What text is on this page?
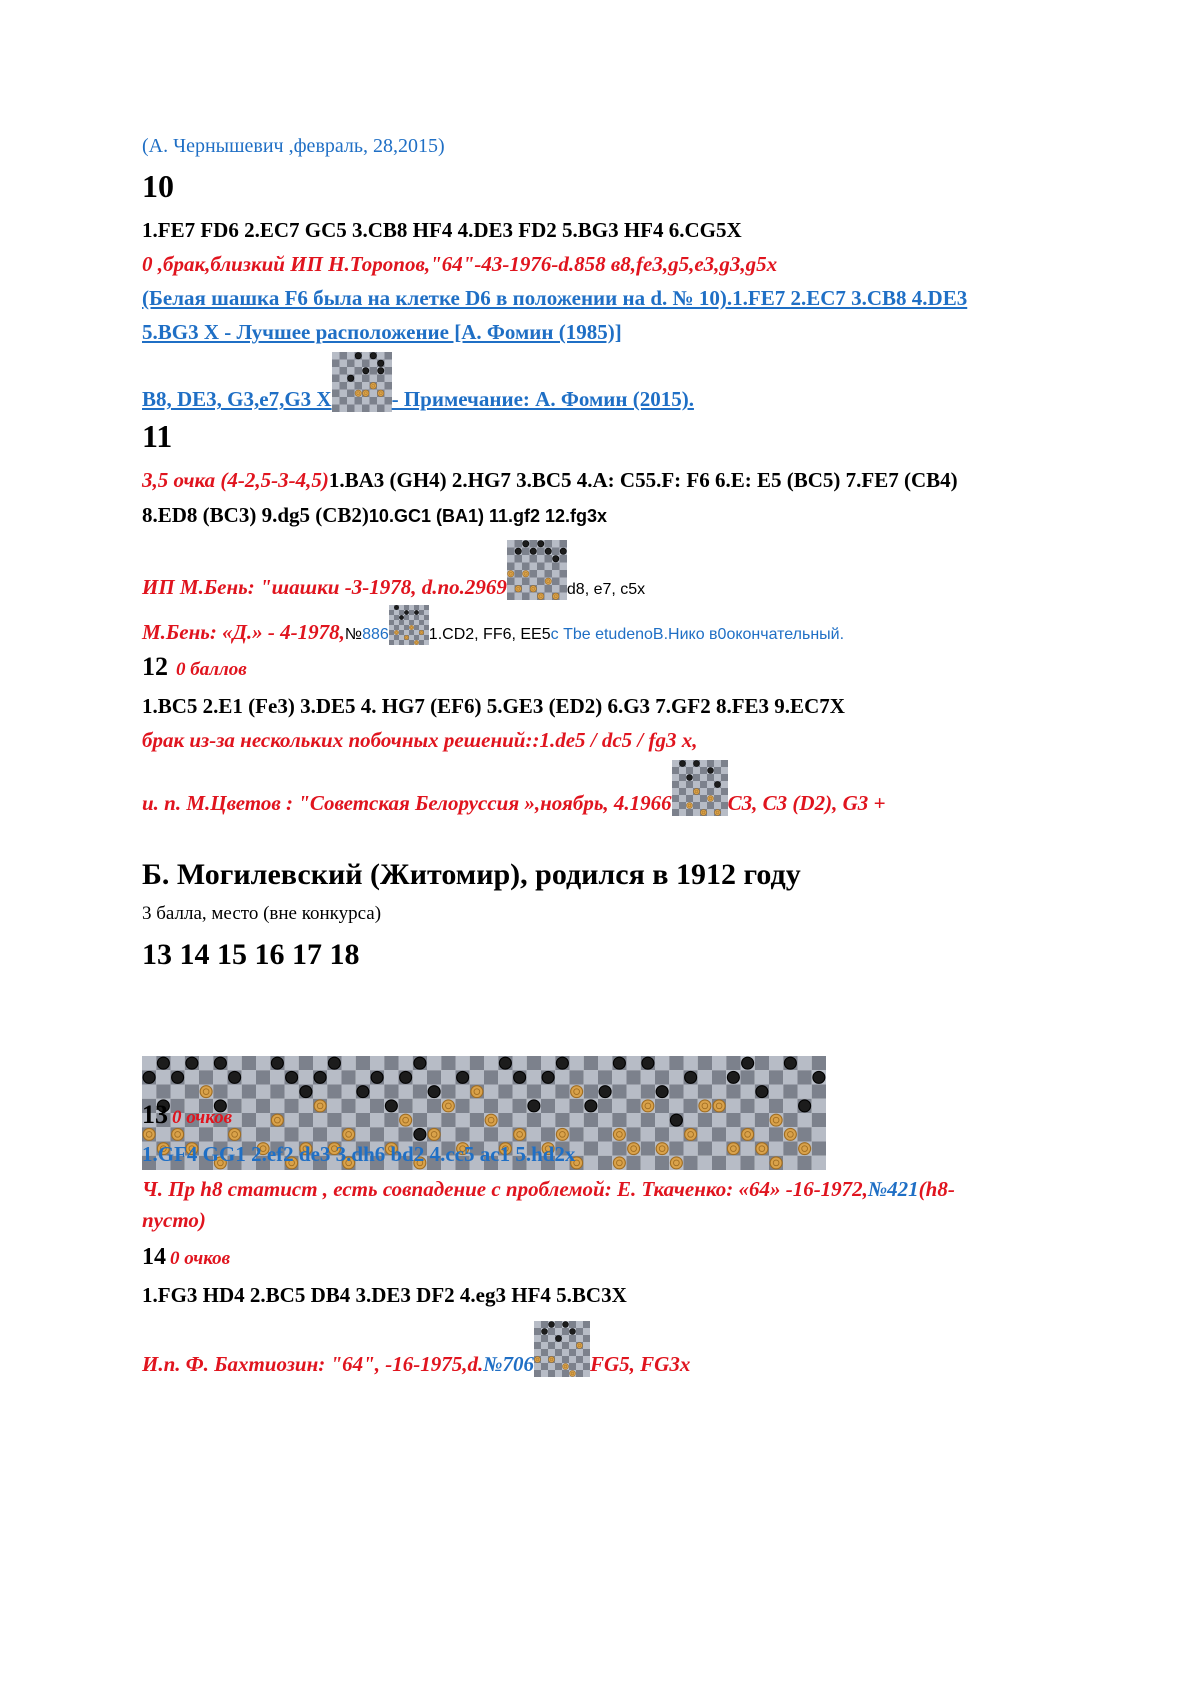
(А. Чернышевич ,февраль, 28,2015)
10
1.FE7 FD6 2.EC7 GC5 3.CB8 HF4 4.DE3 FD2 5.BG3 HF4 6.CG5X
0 ,брак,близкий ИП Н.Торопов,"64"-43-1976-d.858 в8,fe3,g5,e3,g3,g5x
(Белая шашка F6 была на клетке D6 в положении на d. № 10).1.FE7 2.EC7 3.CB8 4.DE3
5.BG3 X - Лучшее расположение [А. Фомин (1985)]
B8, DE3, G3,e7,G3 X	- Примечание: А. Фомин (2015).
11
3,5 очка (4-2,5-3-4,5)1.BA3 (GH4) 2.HG7 3.BC5 4.A: C55.F: F6 6.E: E5 (BC5) 7.FE7 (CB4)
8.ED8 (BC3) 9.dg5 (CB2)10.GC1 (BA1) 11.gf2 12.fg3x
ИП М.Бень: "шашки -3-1978, d.no.2969	d8, e7, c5x
М.Бень: «Д.» - 4-1978,№886	1.CD2, FF6, EE5с Tbe etudenoВ.Нико в0окончательный.
12 0 баллов
1.BC5 2.E1 (Fe3) 3.DE5 4. HG7 (EF6) 5.GE3 (ED2) 6.G3 7.GF2 8.FE3 9.EC7X
брак из-за нескольких побочных решений::1.de5 / dc5 / fg3 x,
и. п. М.Цветов : "Советская Белоруссия »,ноябрь, 4.1966	C3, C3 (D2), G3 +
Б. Могилевский (Житомир), родился в 1912 году
3 балла, место (вне конкурса)
13 14 15 16 17 18
13 0 очков
1.GF4 GG1 2.ef2 de3 3.dh6 bd2 4.cc5 ac1 5.hd2x
Ч. Пр h8 статист , есть совпадение с проблемой: Е. Ткаченко: «64» -16-1972,№421(h8-
пусто)
14 0 очков
1.FG3 HD4 2.BC5 DB4 3.DE3 DF2 4.eg3 HF4 5.BC3X
И.п. Ф. Бахтиозин: "64", -16-1975,d.№706	FG5, FG3x
